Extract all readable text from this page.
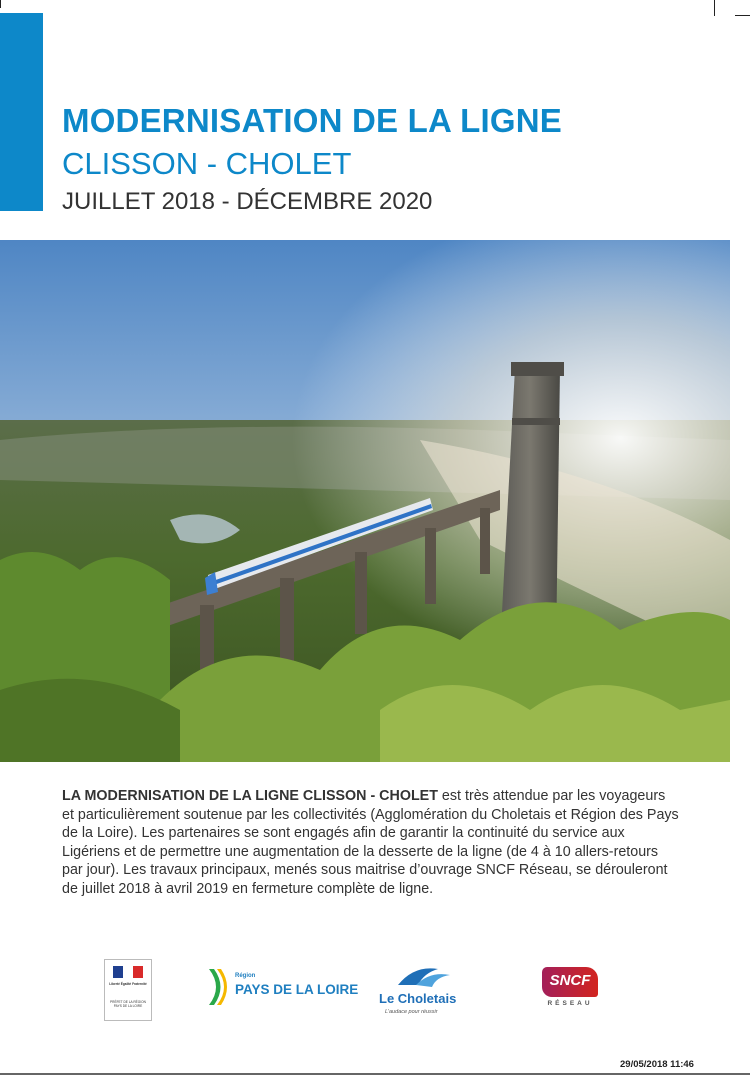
MODERNISATION DE LA LIGNE
CLISSON - CHOLET
JUILLET 2018 - DÉCEMBRE 2020
LA MODERNISATION DE LA LIGNE CLISSON - CHOLET est très attendue par les voyageurs et particulièrement soutenue par les collectivités (Agglomération du Choletais et Région des Pays de la Loire). Les partenaires se sont engagés afin de garantir la continuité du service aux Ligériens et de permettre une augmentation de la desserte de la ligne (de 4 à 10 allers-retours par jour). Les travaux principaux, menés sous maitrise d’ouvrage SNCF Réseau, se dérouleront de juillet 2018 à avril 2019 en fermeture complète de ligne.
Liberté Égalité Fraternité
PRÉFET DE LA RÉGION PAYS DE LA LOIRE
Région
PAYS DE LA LOIRE
Le Choletais
L’audace pour réussir
SNCF
RÉSEAU
29/05/2018 11:46
